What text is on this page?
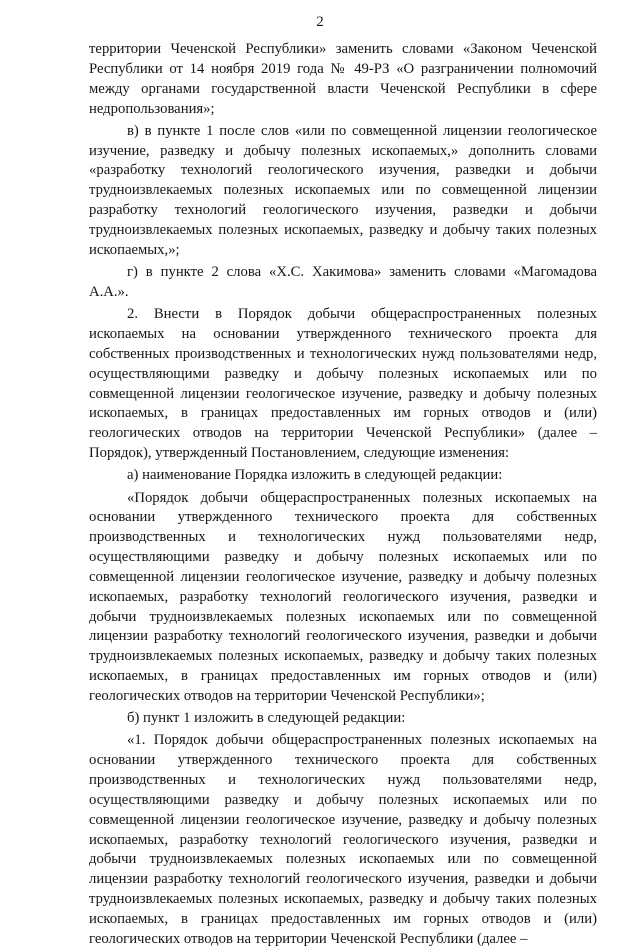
2

территории Чеченской Республики» заменить словами «Законом Чеченской Республики от 14 ноября 2019 года № 49-РЗ «О разграничении полномочий между органами государственной власти Чеченской Республики в сфере недропользования»;

в) в пункте 1 после слов «или по совмещенной лицензии геологическое изучение, разведку и добычу полезных ископаемых,» дополнить словами «разработку технологий геологического изучения, разведки и добычи трудноизвлекаемых полезных ископаемых или по совмещенной лицензии разработку технологий геологического изучения, разведки и добычи трудноизвлекаемых полезных ископаемых, разведку и добычу таких полезных ископаемых,»;

г) в пункте 2 слова «Х.С. Хакимова» заменить словами «Магомадова А.А.».

2. Внести в Порядок добычи общераспространенных полезных ископаемых на основании утвержденного технического проекта для собственных производственных и технологических нужд пользователями недр, осуществляющими разведку и добычу полезных ископаемых или по совмещенной лицензии геологическое изучение, разведку и добычу полезных ископаемых, в границах предоставленных им горных отводов и (или) геологических отводов на территории Чеченской Республики» (далее – Порядок), утвержденный Постановлением, следующие изменения:

а) наименование Порядка изложить в следующей редакции:

«Порядок добычи общераспространенных полезных ископаемых на основании утвержденного технического проекта для собственных производственных и технологических нужд пользователями недр, осуществляющими разведку и добычу полезных ископаемых или по совмещенной лицензии геологическое изучение, разведку и добычу полезных ископаемых, разработку технологий геологического изучения, разведки и добычи трудноизвлекаемых полезных ископаемых или по совмещенной лицензии разработку технологий геологического изучения, разведки и добычи трудноизвлекаемых полезных ископаемых, разведку и добычу таких полезных ископаемых, в границах предоставленных им горных отводов и (или) геологических отводов на территории Чеченской Республики»;

б) пункт 1 изложить в следующей редакции:

«1. Порядок добычи общераспространенных полезных ископаемых на основании утвержденного технического проекта для собственных производственных и технологических нужд пользователями недр, осуществляющими разведку и добычу полезных ископаемых или по совмещенной лицензии геологическое изучение, разведку и добычу полезных ископаемых, разработку технологий геологического изучения, разведки и добычи трудноизвлекаемых полезных ископаемых или по совмещенной лицензии разработку технологий геологического изучения, разведки и добычи трудноизвлекаемых полезных ископаемых, разведку и добычу таких полезных ископаемых, в границах предоставленных им горных отводов и (или) геологических отводов на территории Чеченской Республики (далее –
